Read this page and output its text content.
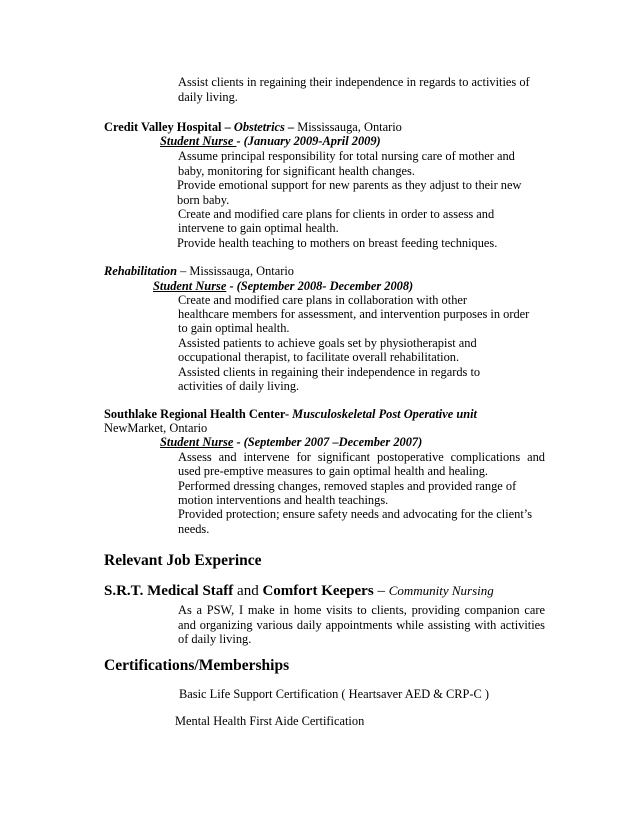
Assist clients in regaining their independence in regards to activities of
daily living.
Credit Valley Hospital – Obstetrics – Mississauga, Ontario
Student Nurse - (January 2009-April 2009)
Assume principal responsibility for total nursing care of mother and
baby, monitoring for significant health changes.
Provide emotional support for new parents as they adjust to their new
born baby.
Create and modified care plans for clients in order to assess and
intervene to gain optimal health.
Provide health teaching to mothers on breast feeding techniques.
Rehabilitation – Mississauga, Ontario
Student Nurse - (September 2008- December 2008)
Create and modified care plans in collaboration with other
healthcare members for assessment, and intervention purposes in order
to gain optimal health.
Assisted patients to achieve goals set by physiotherapist and
occupational therapist, to facilitate overall rehabilitation.
Assisted clients in regaining their independence in regards to
activities of daily living.
Southlake Regional Health Center- Musculoskeletal Post Operative unit
NewMarket, Ontario
Student Nurse - (September 2007 –December 2007)
Assess and intervene for significant postoperative complications and
used pre-emptive measures to gain optimal health and healing.
Performed dressing changes, removed staples and provided range of
motion interventions and health teachings.
Provided protection; ensure safety needs and advocating for the client’s
needs.
Relevant Job Experince
S.R.T. Medical Staff and Comfort Keepers – Community Nursing
As a PSW, I make in home visits to clients, providing companion care
and organizing various daily appointments while assisting with activities
of daily living.
Certifications/Memberships
Basic Life Support Certification ( Heartsaver AED & CRP-C )
Mental Health First Aide Certification
